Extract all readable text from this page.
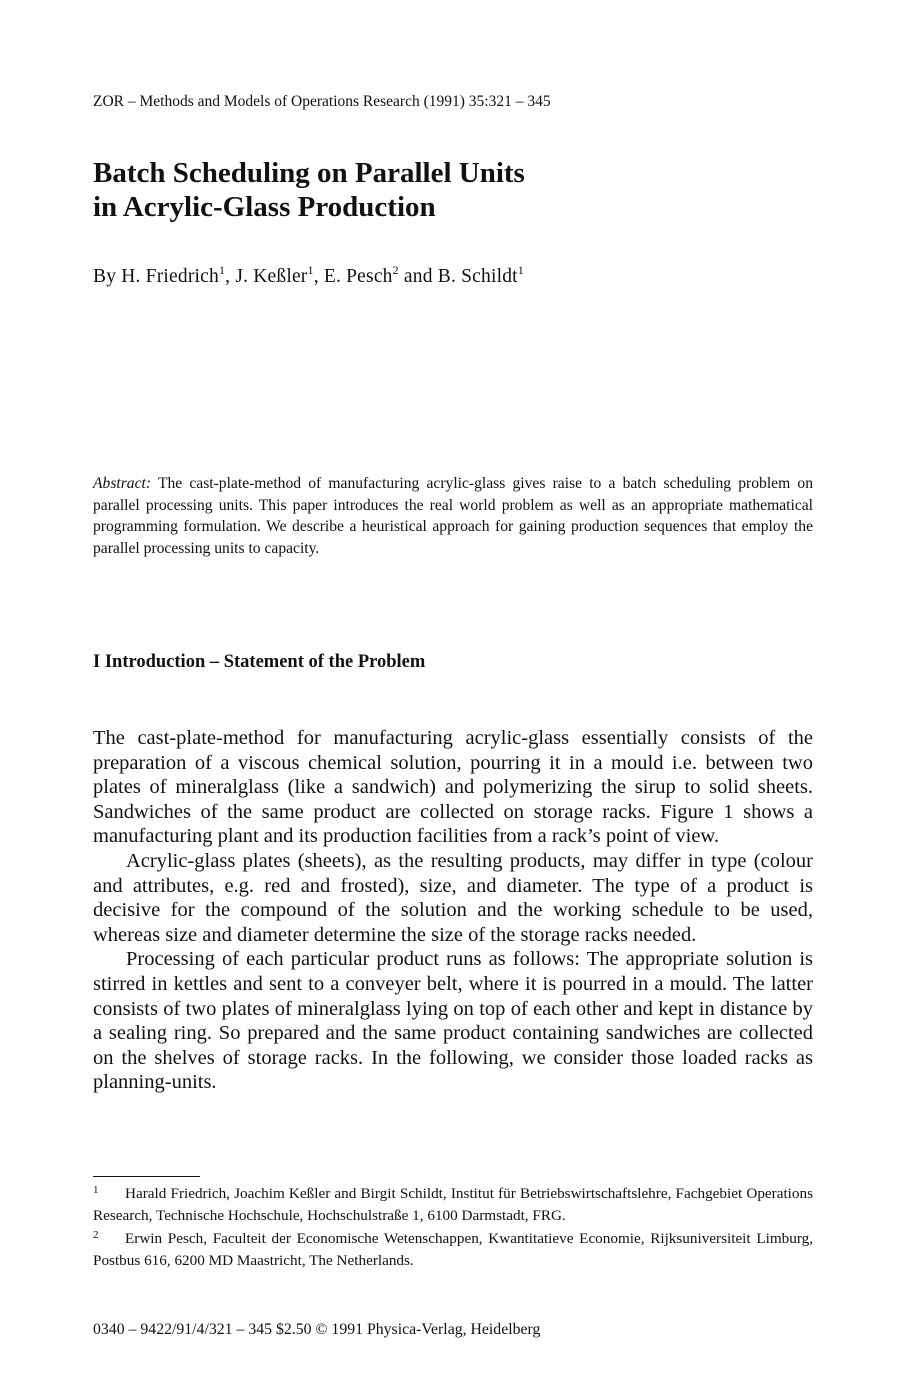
ZOR – Methods and Models of Operations Research (1991) 35:321 – 345
Batch Scheduling on Parallel Units
in Acrylic-Glass Production
By H. Friedrich$^1$, J. Keßler$^1$, E. Pesch$^2$ and B. Schildt$^1$

Abstract: The cast-plate-method of manufacturing acrylic-glass gives raise to a batch scheduling problem on parallel processing units. This paper introduces the real world problem as well as an appropriate mathematical programming formulation. We describe a heuristical approach for gaining production sequences that employ the parallel processing units to capacity.

I Introduction – Statement of the Problem

The cast-plate-method for manufacturing acrylic-glass essentially consists of the preparation of a viscous chemical solution, pourring it in a mould i.e. between two plates of mineralglass (like a sandwich) and polymerizing the sirup to solid sheets. Sandwiches of the same product are collected on storage racks. Figure 1 shows a manufacturing plant and its production facilities from a rack’s point of view.

Acrylic-glass plates (sheets), as the resulting products, may differ in type (colour and attributes, e.g. red and frosted), size, and diameter. The type of a product is decisive for the compound of the solution and the working schedule to be used, whereas size and diameter determine the size of the storage racks needed.

Processing of each particular product runs as follows: The appropriate solution is stirred in kettles and sent to a conveyer belt, where it is pourred in a mould. The latter consists of two plates of mineralglass lying on top of each other and kept in distance by a sealing ring. So prepared and the same product containing sandwiches are collected on the shelves of storage racks. In the following, we consider those loaded racks as planning-units.

1 Harald Friedrich, Joachim Keßler and Birgit Schildt, Institut für Betriebswirtschaftslehre, Fachgebiet Operations Research, Technische Hochschule, Hochschulstraße 1, 6100 Darmstadt, FRG.

2 Erwin Pesch, Faculteit der Economische Wetenschappen, Kwantitatieve Economie, Rijksuniversiteit Limburg, Postbus 616, 6200 MD Maastricht, The Netherlands.

0340 – 9422/91/4/321 – 345 $2.50 © 1991 Physica-Verlag, Heidelberg
